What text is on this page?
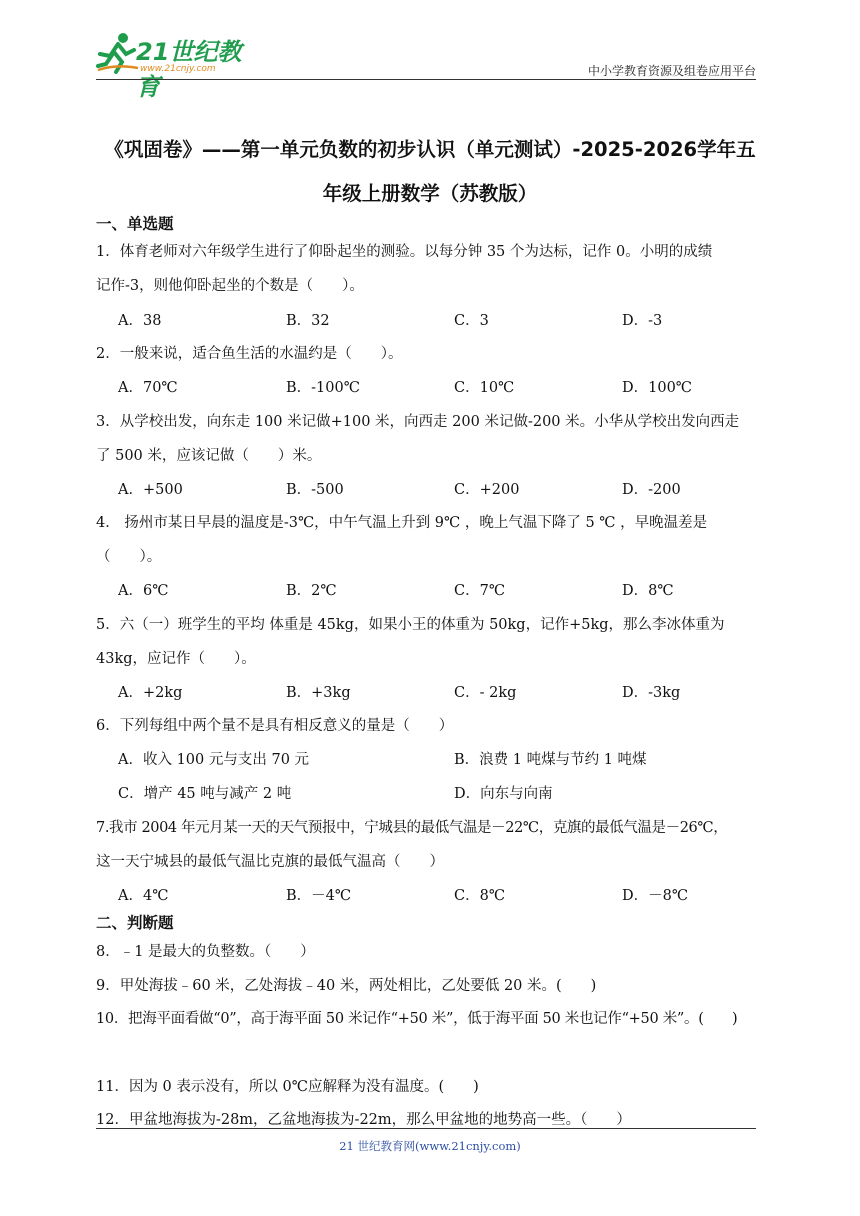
21世纪教育
www.21cnjy.com	中小学教育资源及组卷应用平台
《巩固卷》——第一单元负数的初步认识（单元测试）-2025-2026学年五
年级上册数学（苏教版）
一、单选题
1．体育老师对六年级学生进行了仰卧起坐的测验。以每分钟 35 个为达标，记作 0。小明的成绩
记作-3，则他仰卧起坐的个数是（　　）。
A．38	B．32	C．3	D．-3
2．一般来说，适合鱼生活的水温约是（　　）。
A．70℃	B．-100℃	C．10℃	D．100℃
3．从学校出发，向东走 100 米记做+100 米，向西走 200 米记做-200 米。小华从学校出发向西走
了 500 米，应该记做（　　）米。
A．+500	B．-500	C．+200	D．-200
4． 扬州市某日早晨的温度是-3℃，中午气温上升到 9℃ ，晚上气温下降了 5 ℃ ，早晚温差是
（　　）。
A．6℃	B．2℃	C．7℃	D．8℃
5．六（一）班学生的平均 体重是 45kg，如果小王的体重为 50kg，记作+5kg，那么李冰体重为
43kg，应记作（　　）。
A．+2kg	B．+3kg	C．- 2kg	D．-3kg
6．下列每组中两个量不是具有相反意义的量是（　　）
A．收入 100 元与支出 70 元	B．浪费 1 吨煤与节约 1 吨煤
C．增产 45 吨与减产 2 吨	D．向东与向南
7.我市 2004 年元月某一天的天气预报中，宁城县的最低气温是－22℃，克旗的最低气温是－26℃，
这一天宁城县的最低气温比克旗的最低气温高（　　）
A．4℃	B．－4℃	C．8℃	D．－8℃
二、判断题
8．﹣1 是最大的负整数。（　　）
9．甲处海拔﹣60 米，乙处海拔﹣40 米，两处相比，乙处要低 20 米。(　　)
10．把海平面看做“0”，高于海平面 50 米记作“+50 米”，低于海平面 50 米也记作“+50 米”。(　　)
11．因为 0 表示没有，所以 0℃应解释为没有温度。(　　)
12．甲盆地海拔为-28m，乙盆地海拔为-22m，那么甲盆地的地势高一些。（　　）
21 世纪教育网(www.21cnjy.com)
